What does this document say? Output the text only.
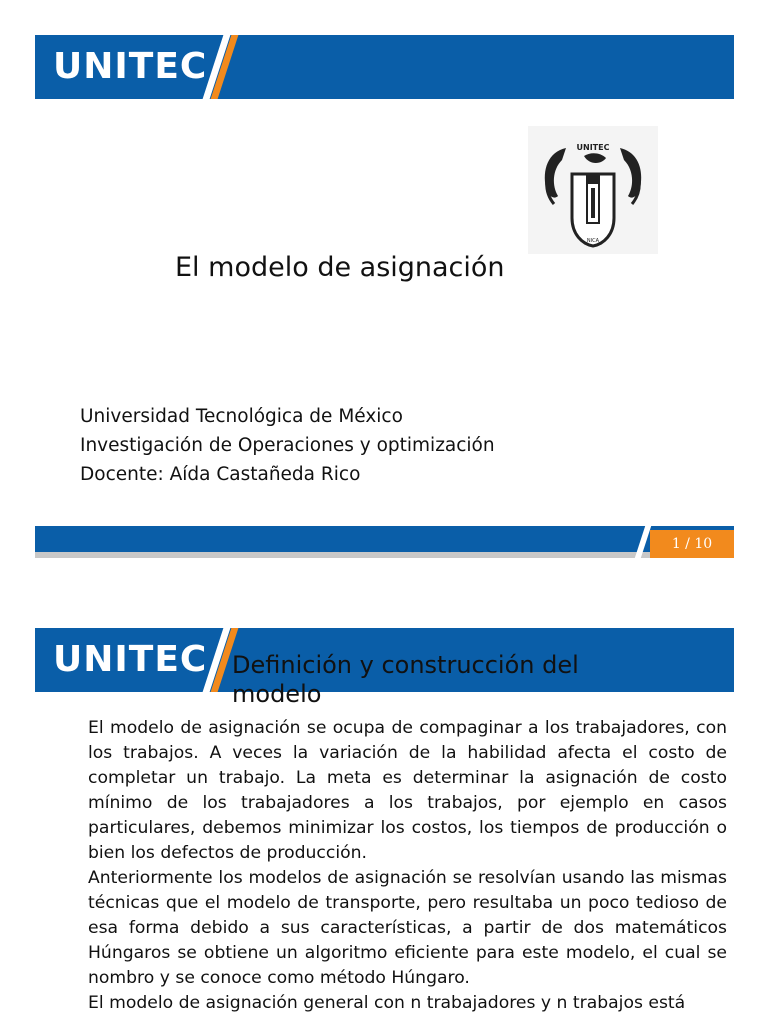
UNITEC
UNITEC
NICA
El modelo de asignación
Universidad Tecnológica de México
Investigación de Operaciones y optimización
Docente: Aída Castañeda Rico
1 / 10
UNITEC Definición y construcción del modelo

El modelo de asignación se ocupa de compaginar a los trabajadores, con los trabajos. A veces la variación de la habilidad afecta el costo de completar un trabajo. La meta es determinar la asignación de costo mínimo de los trabajadores a los trabajos, por ejemplo en casos particulares, debemos minimizar los costos, los tiempos de producción o bien los defectos de producción.

Anteriormente los modelos de asignación se resolvían usando las mismas técnicas que el modelo de transporte, pero resultaba un poco tedioso de esa forma debido a sus características, a partir de dos matemáticos Húngaros se obtiene un algoritmo eficiente para este modelo, el cual se nombro y se conoce como método Húngaro.

El modelo de asignación general con n trabajadores y n trabajos está
